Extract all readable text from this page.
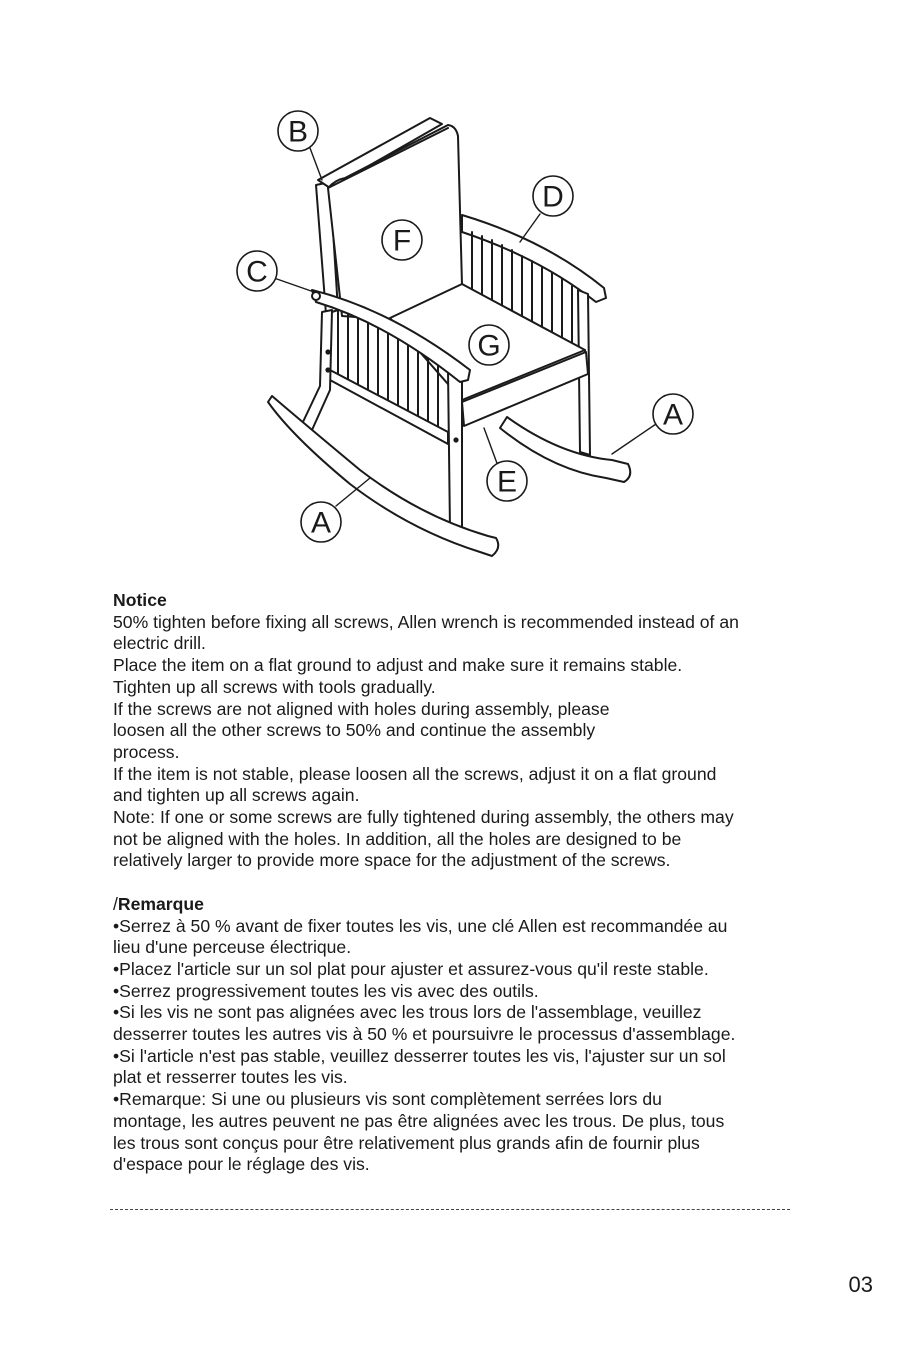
B
C
D
F
G
A
E
A
Notice
50% tighten before fixing all screws, Allen wrench is recommended instead of an
electric drill.
Place the item on a flat ground to adjust and make sure it remains stable.
Tighten up all screws with tools gradually.
If the screws are not aligned with holes during assembly, please
loosen all the other screws to 50% and continue the assembly
process.
If the item is not stable, please loosen all the screws, adjust it on a flat ground
and tighten up all screws again.
Note: If one or some screws are fully tightened during assembly, the others may
not be aligned with the holes. In addition, all the holes are designed to be
relatively larger to provide more space for the adjustment of the screws.
/Remarque
•Serrez à 50 % avant de fixer toutes les vis, une clé Allen est recommandée au
lieu d'une perceuse électrique.
•Placez l'article sur un sol plat pour ajuster et assurez-vous qu'il reste stable.
•Serrez progressivement toutes les vis avec des outils.
•Si les vis ne sont pas alignées avec les trous lors de l'assemblage, veuillez
desserrer toutes les autres vis à 50 % et poursuivre le processus d'assemblage.
•Si l'article n'est pas stable, veuillez desserrer toutes les vis, l'ajuster sur un sol
plat et resserrer toutes les vis.
•Remarque: Si une ou plusieurs vis sont complètement serrées lors du
montage, les autres peuvent ne pas être alignées avec les trous. De plus, tous
les trous sont conçus pour être relativement plus grands afin de fournir plus
d'espace pour le réglage des vis.
03
